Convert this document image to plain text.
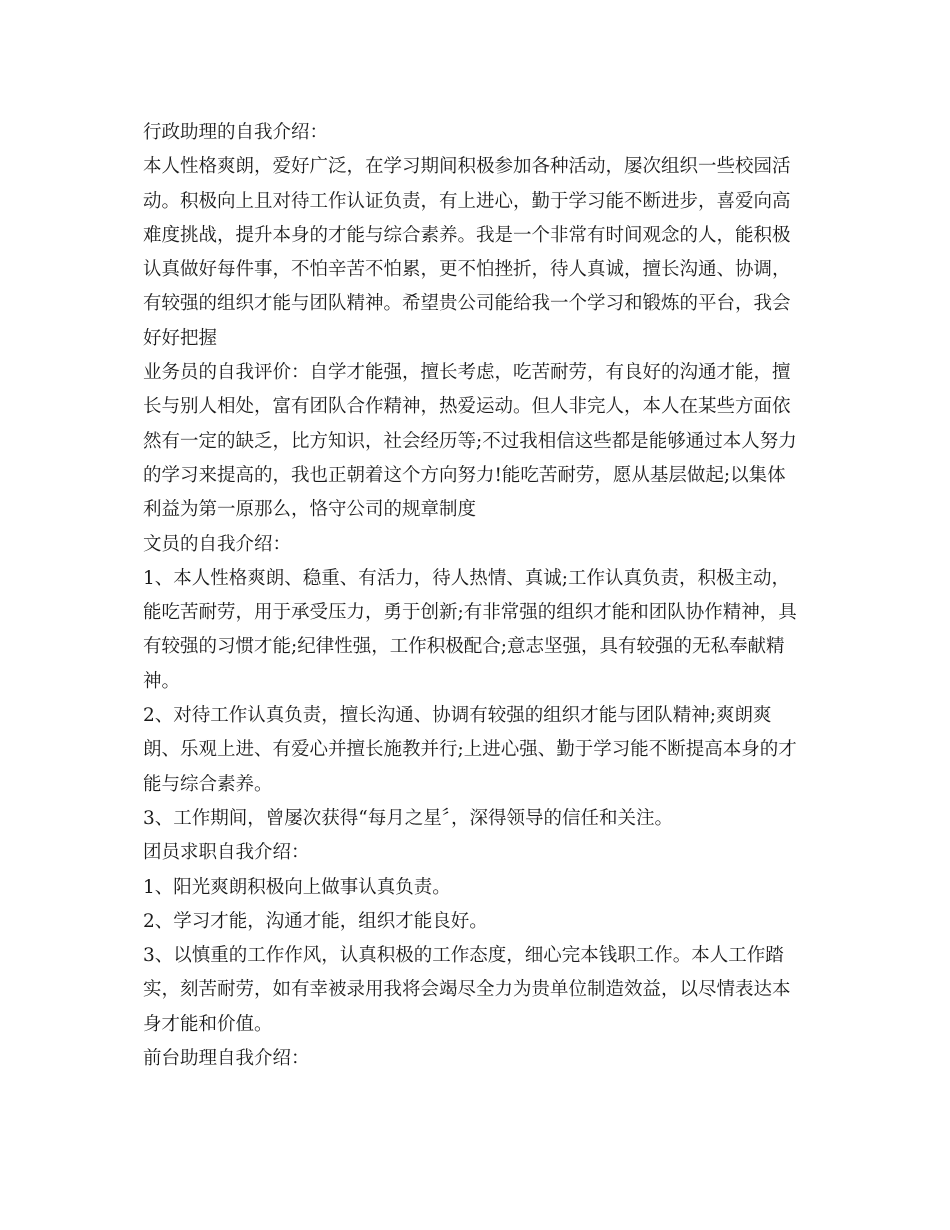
行政助理的自我介绍：
本人性格爽朗，爱好广泛，在学习期间积极参加各种活动，屡次组织一些校园活
动。积极向上且对待工作认证负责，有上进心，勤于学习能不断进步，喜爱向高
难度挑战，提升本身的才能与综合素养。我是一个非常有时间观念的人，能积极
认真做好每件事，不怕辛苦不怕累，更不怕挫折，待人真诚，擅长沟通、协调，
有较强的组织才能与团队精神。希望贵公司能给我一个学习和锻炼的平台，我会
好好把握
业务员的自我评价：自学才能强，擅长考虑，吃苦耐劳，有良好的沟通才能，擅
长与别人相处，富有团队合作精神，热爱运动。但人非完人，本人在某些方面依
然有一定的缺乏，比方知识，社会经历等;不过我相信这些都是能够通过本人努力
的学习来提高的，我也正朝着这个方向努力!能吃苦耐劳，愿从基层做起;以集体
利益为第一原那么，恪守公司的规章制度
文员的自我介绍：
1、本人性格爽朗、稳重、有活力，待人热情、真诚;工作认真负责，积极主动，
能吃苦耐劳，用于承受压力，勇于创新;有非常强的组织才能和团队协作精神，具
有较强的习惯才能;纪律性强，工作积极配合;意志坚强，具有较强的无私奉献精
神。
2、对待工作认真负责，擅长沟通、协调有较强的组织才能与团队精神;爽朗爽
朗、乐观上进、有爱心并擅长施教并行;上进心强、勤于学习能不断提高本身的才
能与综合素养。
3、工作期间，曾屡次获得“每月之星〞，深得领导的信任和关注。
团员求职自我介绍：
1、阳光爽朗积极向上做事认真负责。
2、学习才能，沟通才能，组织才能良好。
3、以慎重的工作作风，认真积极的工作态度，细心完本钱职工作。本人工作踏
实，刻苦耐劳，如有幸被录用我将会竭尽全力为贵单位制造效益，以尽情表达本
身才能和价值。
前台助理自我介绍：
